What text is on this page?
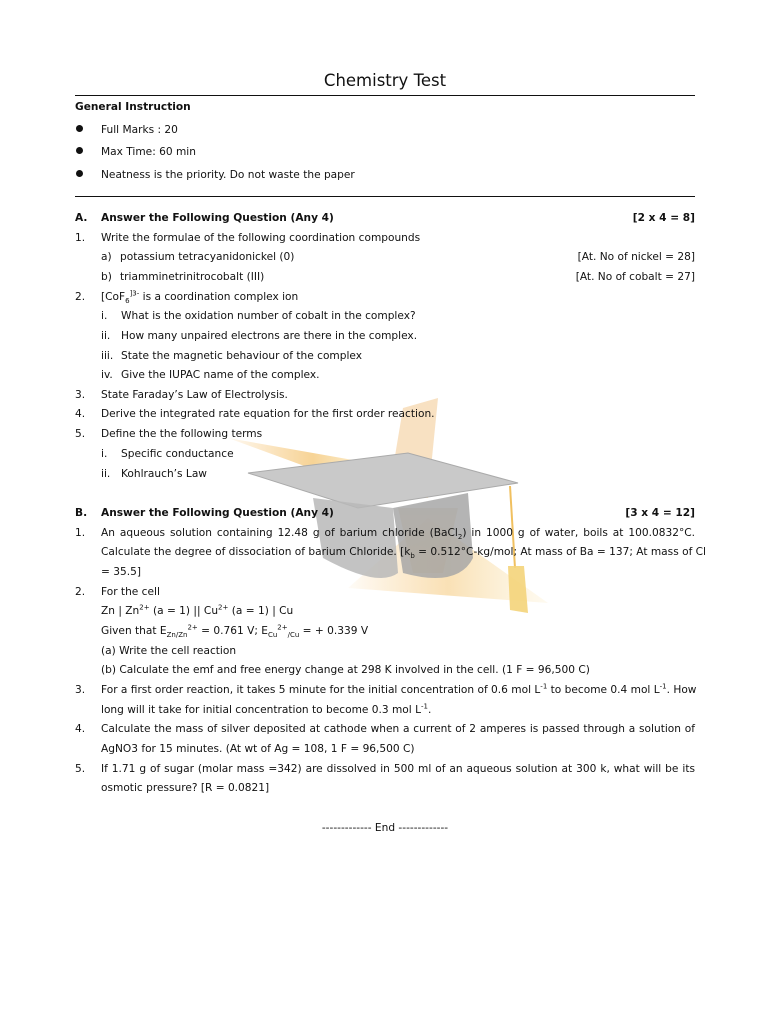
Chemistry Test
General Instruction
Full Marks : 20
Max Time: 60 min
Neatness is the priority. Do not waste the paper
A. Answer the Following Question (Any 4)	[2 x 4 = 8]
1. Write the formulae of the following coordination compounds
a) potassium tetracyanidonickel (0)	[At. No of nickel = 28]
b) triamminetrinitrocobalt (III)	[At. No of cobalt = 27]
2. [CoF$_6^{]3-}$ is a coordination complex ion
i. What is the oxidation number of cobalt in the complex?
ii. How many unpaired electrons are there in the complex.
iii. State the magnetic behaviour of the complex
iv. Give the IUPAC name of the complex.
3. State Faraday’s Law of Electrolysis.
4. Derive the integrated rate equation for the first order reaction.
5. Define the the following terms
i. Specific conductance
ii. Kohlrauch’s Law
B. Answer the Following Question (Any 4)	[3 x 4 = 12]
1. An aqueous solution containing 12.48 g of barium chloride (BaCl$_2$) in 1000 g of water, boils at 100.0832°C.
Calculate the degree of dissociation of barium Chloride. [$k_b = 0.512^\circ C-kg/mol$; At mass of Ba = 137; At mass of Cl
= 35.5]
2. For the cell
Zn | $Zn^{2+}$ (a = 1) || $Cu^{2+}$ (a = 1) | Cu
Given that $E_{Zn/Zn}^{2+} = 0.761$ V; $E_{Cu}^{2+}_{/Cu}$ = + 0.339 V
(a) Write the cell reaction
(b) Calculate the emf and free energy change at 298 K involved in the cell. (1 F = 96,500 C)
3. For a first order reaction, it takes 5 minute for the initial concentration of 0.6 mol $L^{-1}$ to become 0.4 mol $L^{-1}$. How
long will it take for initial concentration to become 0.3 mol $L^{-1}$.
4. Calculate the mass of silver deposited at cathode when a current of 2 amperes is passed through a solution of
AgNO3 for 15 minutes. (At wt of Ag = 108, 1 F = 96,500 C)
5. If 1.71 g of sugar (molar mass =342) are dissolved in 500 ml of an aqueous solution at 300 k, what will be its
osmotic pressure? [R = 0.0821]
------------- End -------------
